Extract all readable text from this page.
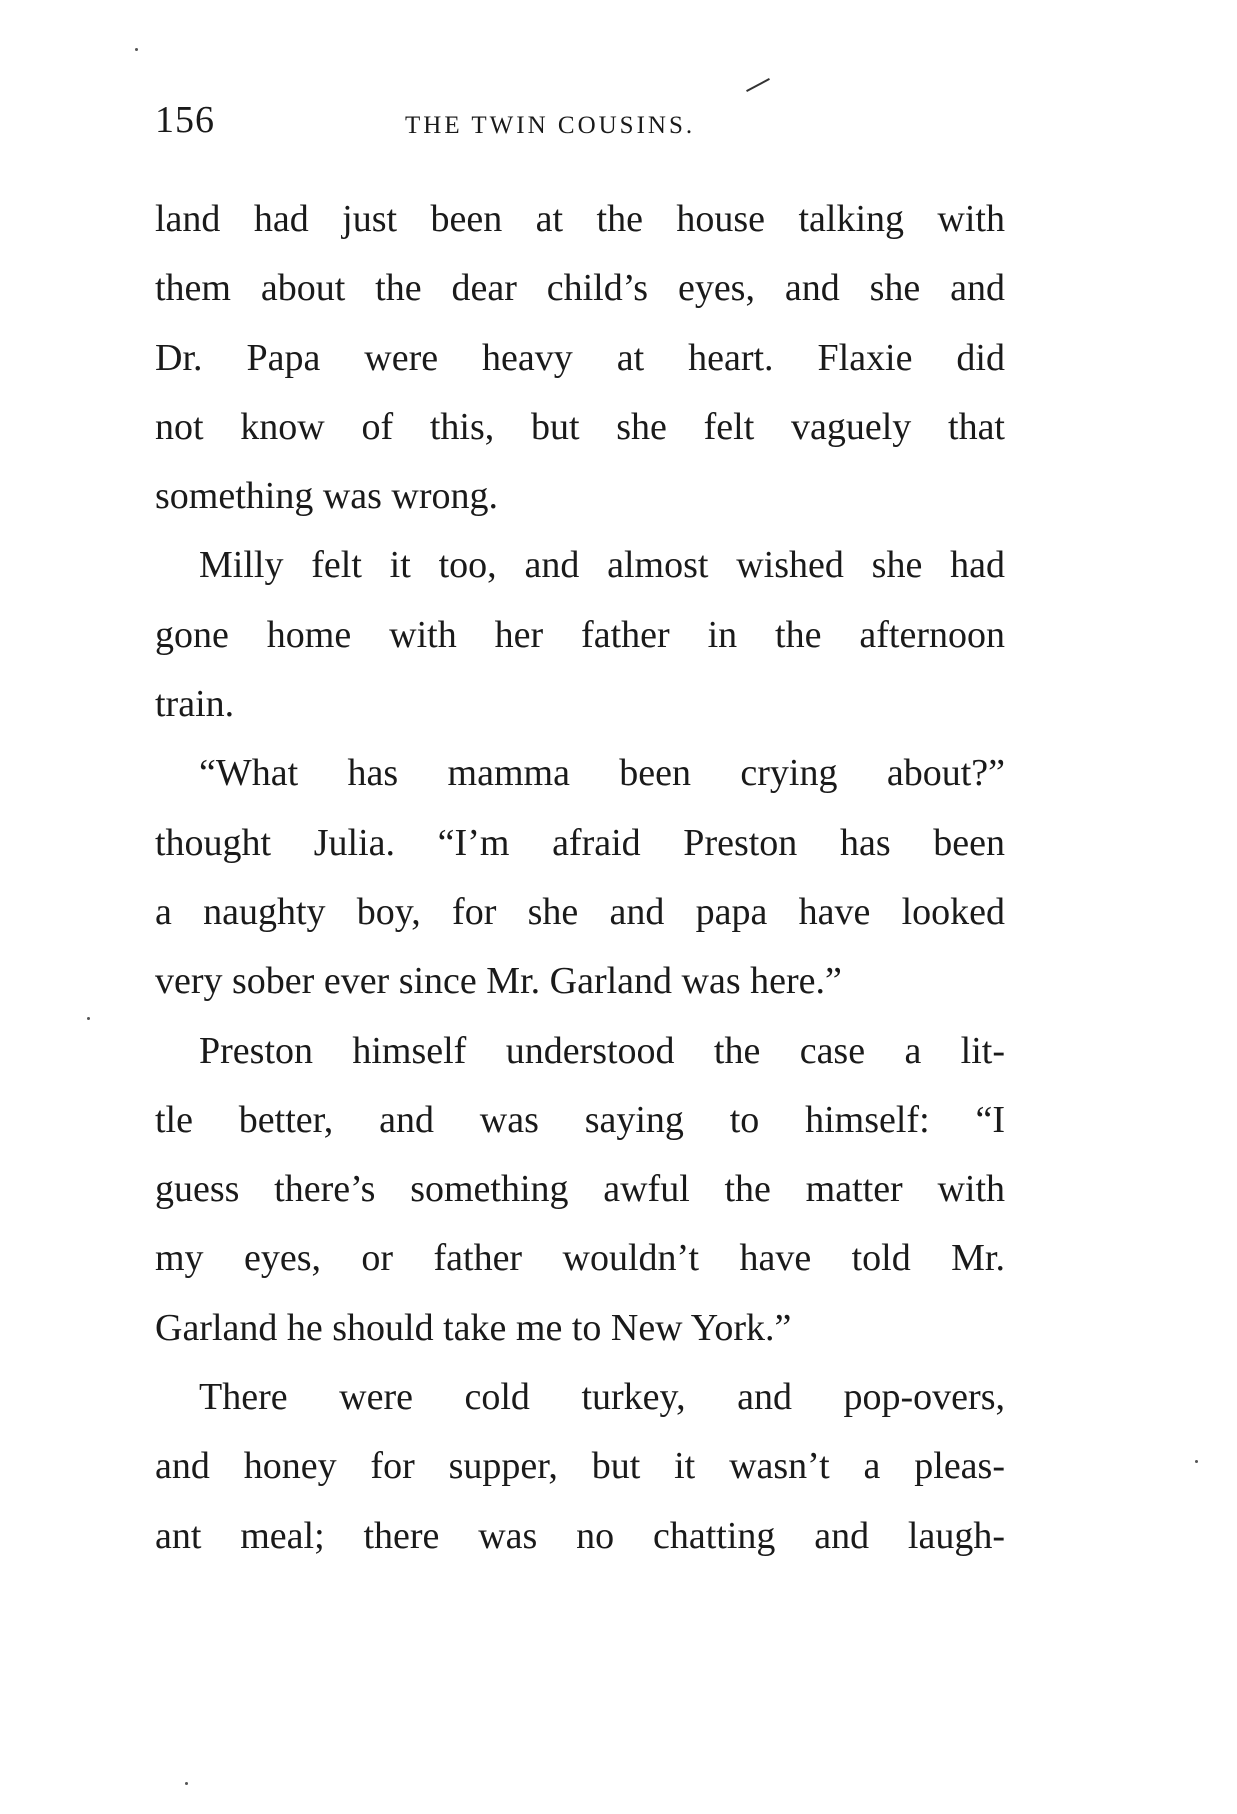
156	THE TWIN COUSINS.
land had just been at the house talking with
them about the dear child’s eyes, and she and
Dr. Papa were heavy at heart. Flaxie did
not know of this, but she felt vaguely that
something was wrong.
Milly felt it too, and almost wished she had
gone home with her father in the afternoon
train.
“What has mamma been crying about?”
thought Julia. “I’m afraid Preston has been
a naughty boy, for she and papa have looked
very sober ever since Mr. Garland was here.”
Preston himself understood the case a lit-
tle better, and was saying to himself: “I
guess there’s something awful the matter with
my eyes, or father wouldn’t have told Mr.
Garland he should take me to New York.”
There were cold turkey, and pop-overs,
and honey for supper, but it wasn’t a pleas-
ant meal; there was no chatting and laugh-
